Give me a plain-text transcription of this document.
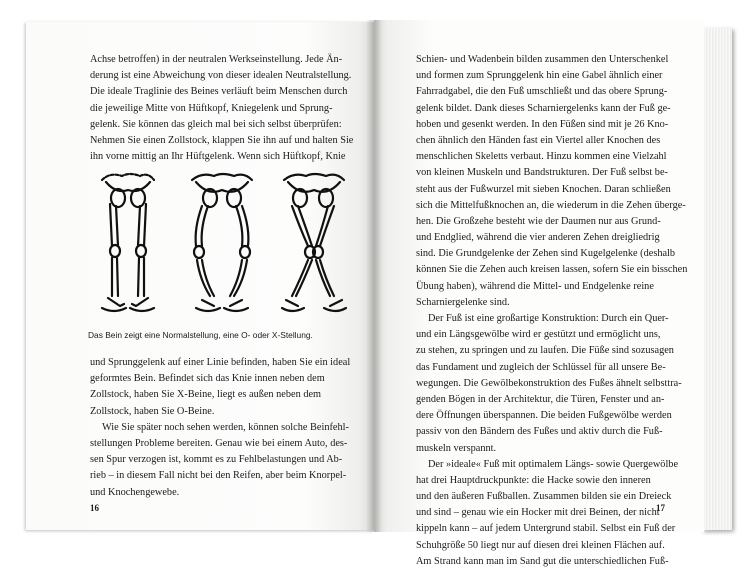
Achse betroffen) in der neutralen Werkseinstellung. Jede Än-
derung ist eine Abweichung von dieser idealen Neutralstellung.
Die ideale Traglinie des Beines verläuft beim Menschen durch
die jeweilige Mitte von Hüftkopf, Kniegelenk und Sprung-
gelenk. Sie können das gleich mal bei sich selbst überprüfen:
Nehmen Sie einen Zollstock, klappen Sie ihn auf und halten Sie
ihn vorne mittig an Ihr Hüftgelenk. Wenn sich Hüftkopf, Knie
Das Bein zeigt eine Normalstellung, eine O- oder X-Stellung.
und Sprunggelenk auf einer Linie befinden, haben Sie ein ideal
geformtes Bein. Befindet sich das Knie innen neben dem
Zollstock, haben Sie X-Beine, liegt es außen neben dem
Zollstock, haben Sie O-Beine.
Wie Sie später noch sehen werden, können solche Beinfehl-
stellungen Probleme bereiten. Genau wie bei einem Auto, des-
sen Spur verzogen ist, kommt es zu Fehlbelastungen und Ab-
rieb – in diesem Fall nicht bei den Reifen, aber beim Knorpel-
und Knochengewebe.
16
Schien- und Wadenbein bilden zusammen den Unterschenkel
und formen zum Sprunggelenk hin eine Gabel ähnlich einer
Fahrradgabel, die den Fuß umschließt und das obere Sprung-
gelenk bildet. Dank dieses Scharniergelenks kann der Fuß ge-
hoben und gesenkt werden. In den Füßen sind mit je 26 Kno-
chen ähnlich den Händen fast ein Viertel aller Knochen des
menschlichen Skeletts verbaut. Hinzu kommen eine Vielzahl
von kleinen Muskeln und Bandstrukturen. Der Fuß selbst be-
steht aus der Fußwurzel mit sieben Knochen. Daran schließen
sich die Mittelfußknochen an, die wiederum in die Zehen überge-
hen. Die Großzehe besteht wie der Daumen nur aus Grund-
und Endglied, während die vier anderen Zehen dreigliedrig
sind. Die Grundgelenke der Zehen sind Kugelgelenke (deshalb
können Sie die Zehen auch kreisen lassen, sofern Sie ein bisschen
Übung haben), während die Mittel- und Endgelenke reine
Scharniergelenke sind.
Der Fuß ist eine großartige Konstruktion: Durch ein Quer-
und ein Längsgewölbe wird er gestützt und ermöglicht uns,
zu stehen, zu springen und zu laufen. Die Füße sind sozusagen
das Fundament und zugleich der Schlüssel für all unsere Be-
wegungen. Die Gewölbekonstruktion des Fußes ähnelt selbsttra-
genden Bögen in der Architektur, die Türen, Fenster und an-
dere Öffnungen überspannen. Die beiden Fußgewölbe werden
passiv von den Bändern des Fußes und aktiv durch die Fuß-
muskeln verspannt.
Der »ideale« Fuß mit optimalem Längs- sowie Quergewölbe
hat drei Hauptdruckpunkte: die Hacke sowie den inneren
und den äußeren Fußballen. Zusammen bilden sie ein Dreieck
und sind – genau wie ein Hocker mit drei Beinen, der nicht
kippeln kann – auf jedem Untergrund stabil. Selbst ein Fuß der
Schuhgröße 50 liegt nur auf diesen drei kleinen Flächen auf.
Am Strand kann man im Sand gut die unterschiedlichen Fuß-
17
